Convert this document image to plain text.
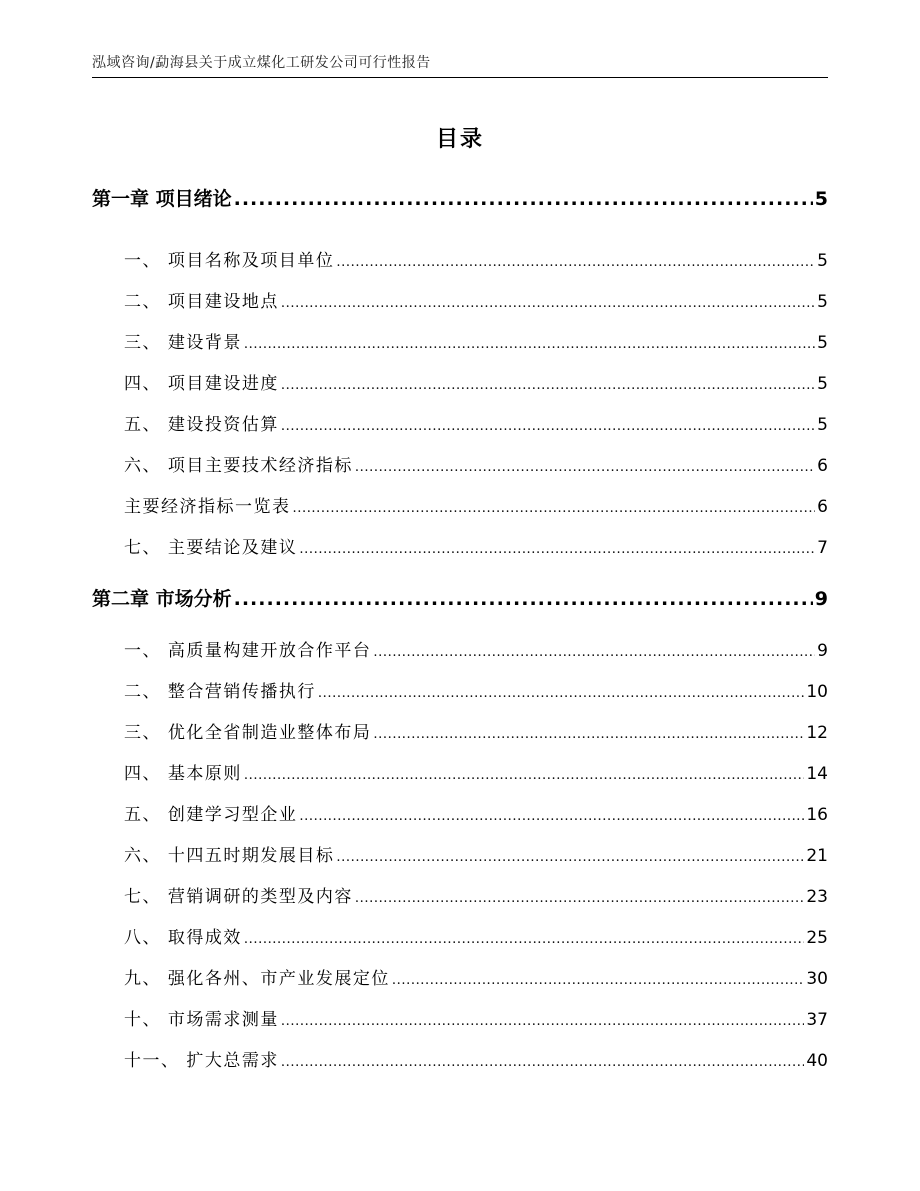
泓域咨询/勐海县关于成立煤化工研发公司可行性报告
目录
第一章 项目绪论 .....	5
一、 项目名称及项目单位 .....	5
二、 项目建设地点 .....	5
三、 建设背景 .....	5
四、 项目建设进度 .....	5
五、 建设投资估算 .....	5
六、 项目主要技术经济指标 .....	6
主要经济指标一览表 .....	6
七、 主要结论及建议 .....	7
第二章 市场分析 .....	9
一、 高质量构建开放合作平台 .....	9
二、 整合营销传播执行 .....	10
三、 优化全省制造业整体布局 .....	12
四、 基本原则 .....	14
五、 创建学习型企业 .....	16
六、 十四五时期发展目标 .....	21
七、 营销调研的类型及内容 .....	23
八、 取得成效 .....	25
九、 强化各州、市产业发展定位 .....	30
十、 市场需求测量 .....	37
十一、 扩大总需求 .....	40
